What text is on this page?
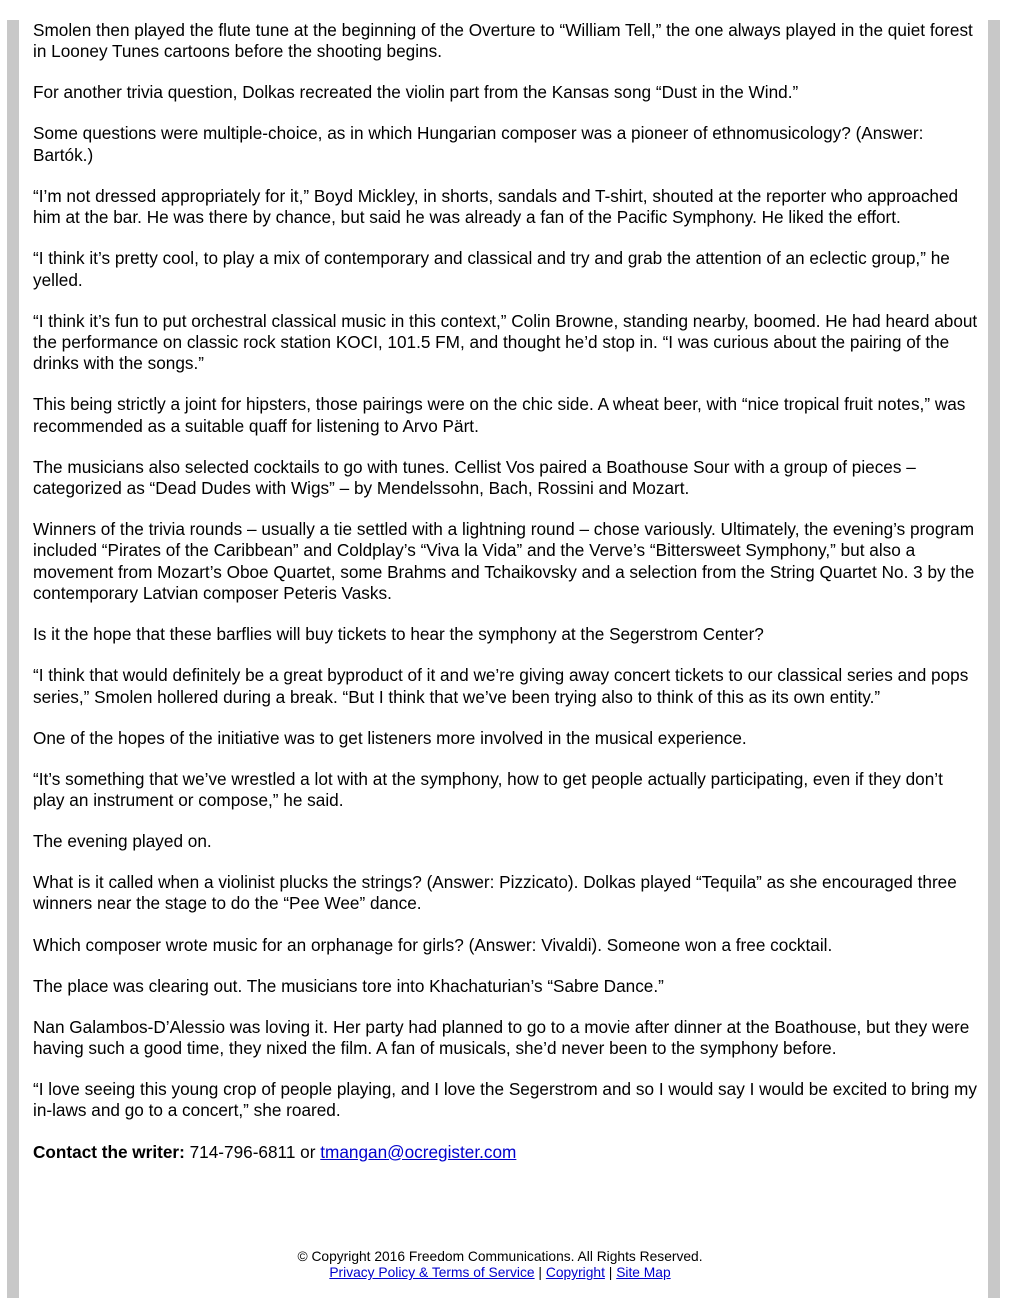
Smolen then played the flute tune at the beginning of the Overture to “William Tell,” the one always played in the quiet forest in Looney Tunes cartoons before the shooting begins.

For another trivia question, Dolkas recreated the violin part from the Kansas song “Dust in the Wind.”

Some questions were multiple-choice, as in which Hungarian composer was a pioneer of ethnomusicology? (Answer: Bartók.)

“I’m not dressed appropriately for it,” Boyd Mickley, in shorts, sandals and T-shirt, shouted at the reporter who approached him at the bar. He was there by chance, but said he was already a fan of the Pacific Symphony. He liked the effort.

“I think it’s pretty cool, to play a mix of contemporary and classical and try and grab the attention of an eclectic group,” he yelled.

“I think it’s fun to put orchestral classical music in this context,” Colin Browne, standing nearby, boomed. He had heard about the performance on classic rock station KOCI, 101.5 FM, and thought he’d stop in. “I was curious about the pairing of the drinks with the songs.”

This being strictly a joint for hipsters, those pairings were on the chic side. A wheat beer, with “nice tropical fruit notes,” was recommended as a suitable quaff for listening to Arvo Pärt.

The musicians also selected cocktails to go with tunes. Cellist Vos paired a Boathouse Sour with a group of pieces – categorized as “Dead Dudes with Wigs” – by Mendelssohn, Bach, Rossini and Mozart.

Winners of the trivia rounds – usually a tie settled with a lightning round – chose variously. Ultimately, the evening’s program included “Pirates of the Caribbean” and Coldplay’s “Viva la Vida” and the Verve’s “Bittersweet Symphony,” but also a movement from Mozart’s Oboe Quartet, some Brahms and Tchaikovsky and a selection from the String Quartet No. 3 by the contemporary Latvian composer Peteris Vasks.

Is it the hope that these barflies will buy tickets to hear the symphony at the Segerstrom Center?

“I think that would definitely be a great byproduct of it and we’re giving away concert tickets to our classical series and pops series,” Smolen hollered during a break. “But I think that we’ve been trying also to think of this as its own entity.”

One of the hopes of the initiative was to get listeners more involved in the musical experience.

“It’s something that we’ve wrestled a lot with at the symphony, how to get people actually participating, even if they don’t play an instrument or compose,” he said.

The evening played on.

What is it called when a violinist plucks the strings? (Answer: Pizzicato). Dolkas played “Tequila” as she encouraged three winners near the stage to do the “Pee Wee” dance.

Which composer wrote music for an orphanage for girls? (Answer: Vivaldi). Someone won a free cocktail.

The place was clearing out. The musicians tore into Khachaturian’s “Sabre Dance.”

Nan Galambos-D’Alessio was loving it. Her party had planned to go to a movie after dinner at the Boathouse, but they were having such a good time, they nixed the film. A fan of musicals, she’d never been to the symphony before.

“I love seeing this young crop of people playing, and I love the Segerstrom and so I would say I would be excited to bring my in-laws and go to a concert,” she roared.

Contact the writer: 714-796-6811 or tmangan@ocregister.com
© Copyright 2016 Freedom Communications. All Rights Reserved.
Privacy Policy & Terms of Service | Copyright | Site Map
